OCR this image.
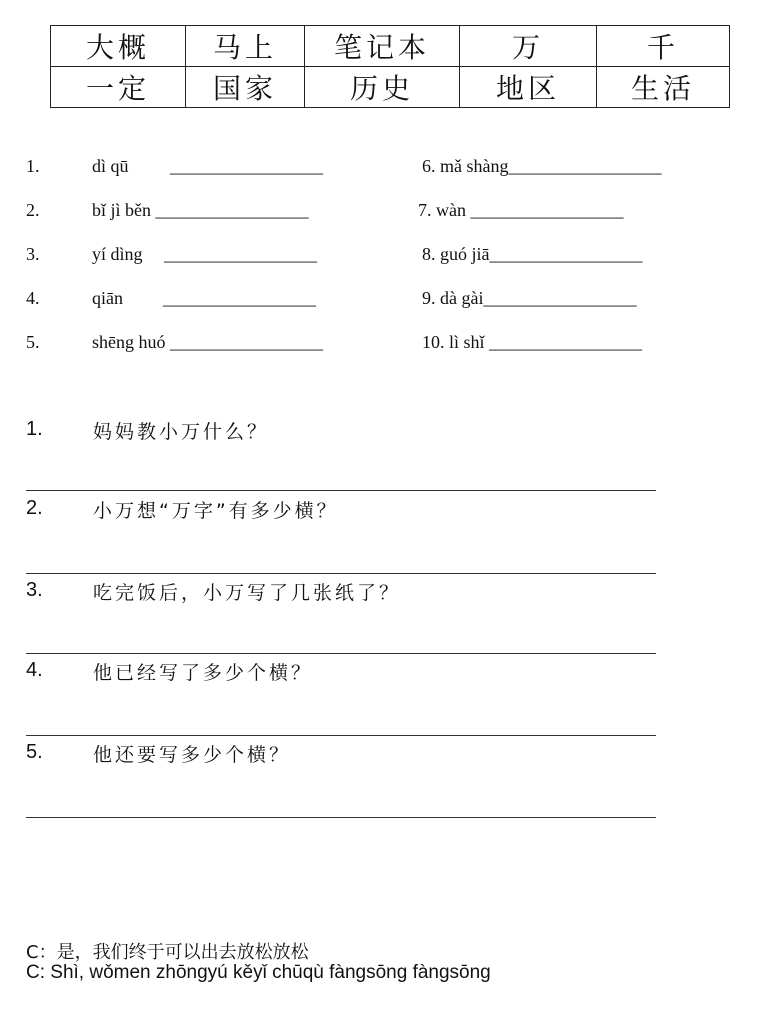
大概	马上	笔记本	万	千
一定	国家	历史	地区	生活
1.	dì qū _________________
2.	bǐ jì běn _________________
3.	yí dìng _________________
4.	qiān _________________
5.	shēng huó _________________
6. mǎ shàng_________________
7. wàn _________________
8. guó jiā_________________
9. dà gài_________________
10. lì shǐ _________________
1.	妈妈教小万什么？
2.	小万想“万字”有多少横？
3.	吃完饭后，小万写了几张纸了？
4.	他已经写了多少个横？
5.	他还要写多少个横？
C：是，我们终于可以出去放松放松
C: Shì, wǒmen zhōngyú kěyǐ chūqù fàngsōng fàngsōng
